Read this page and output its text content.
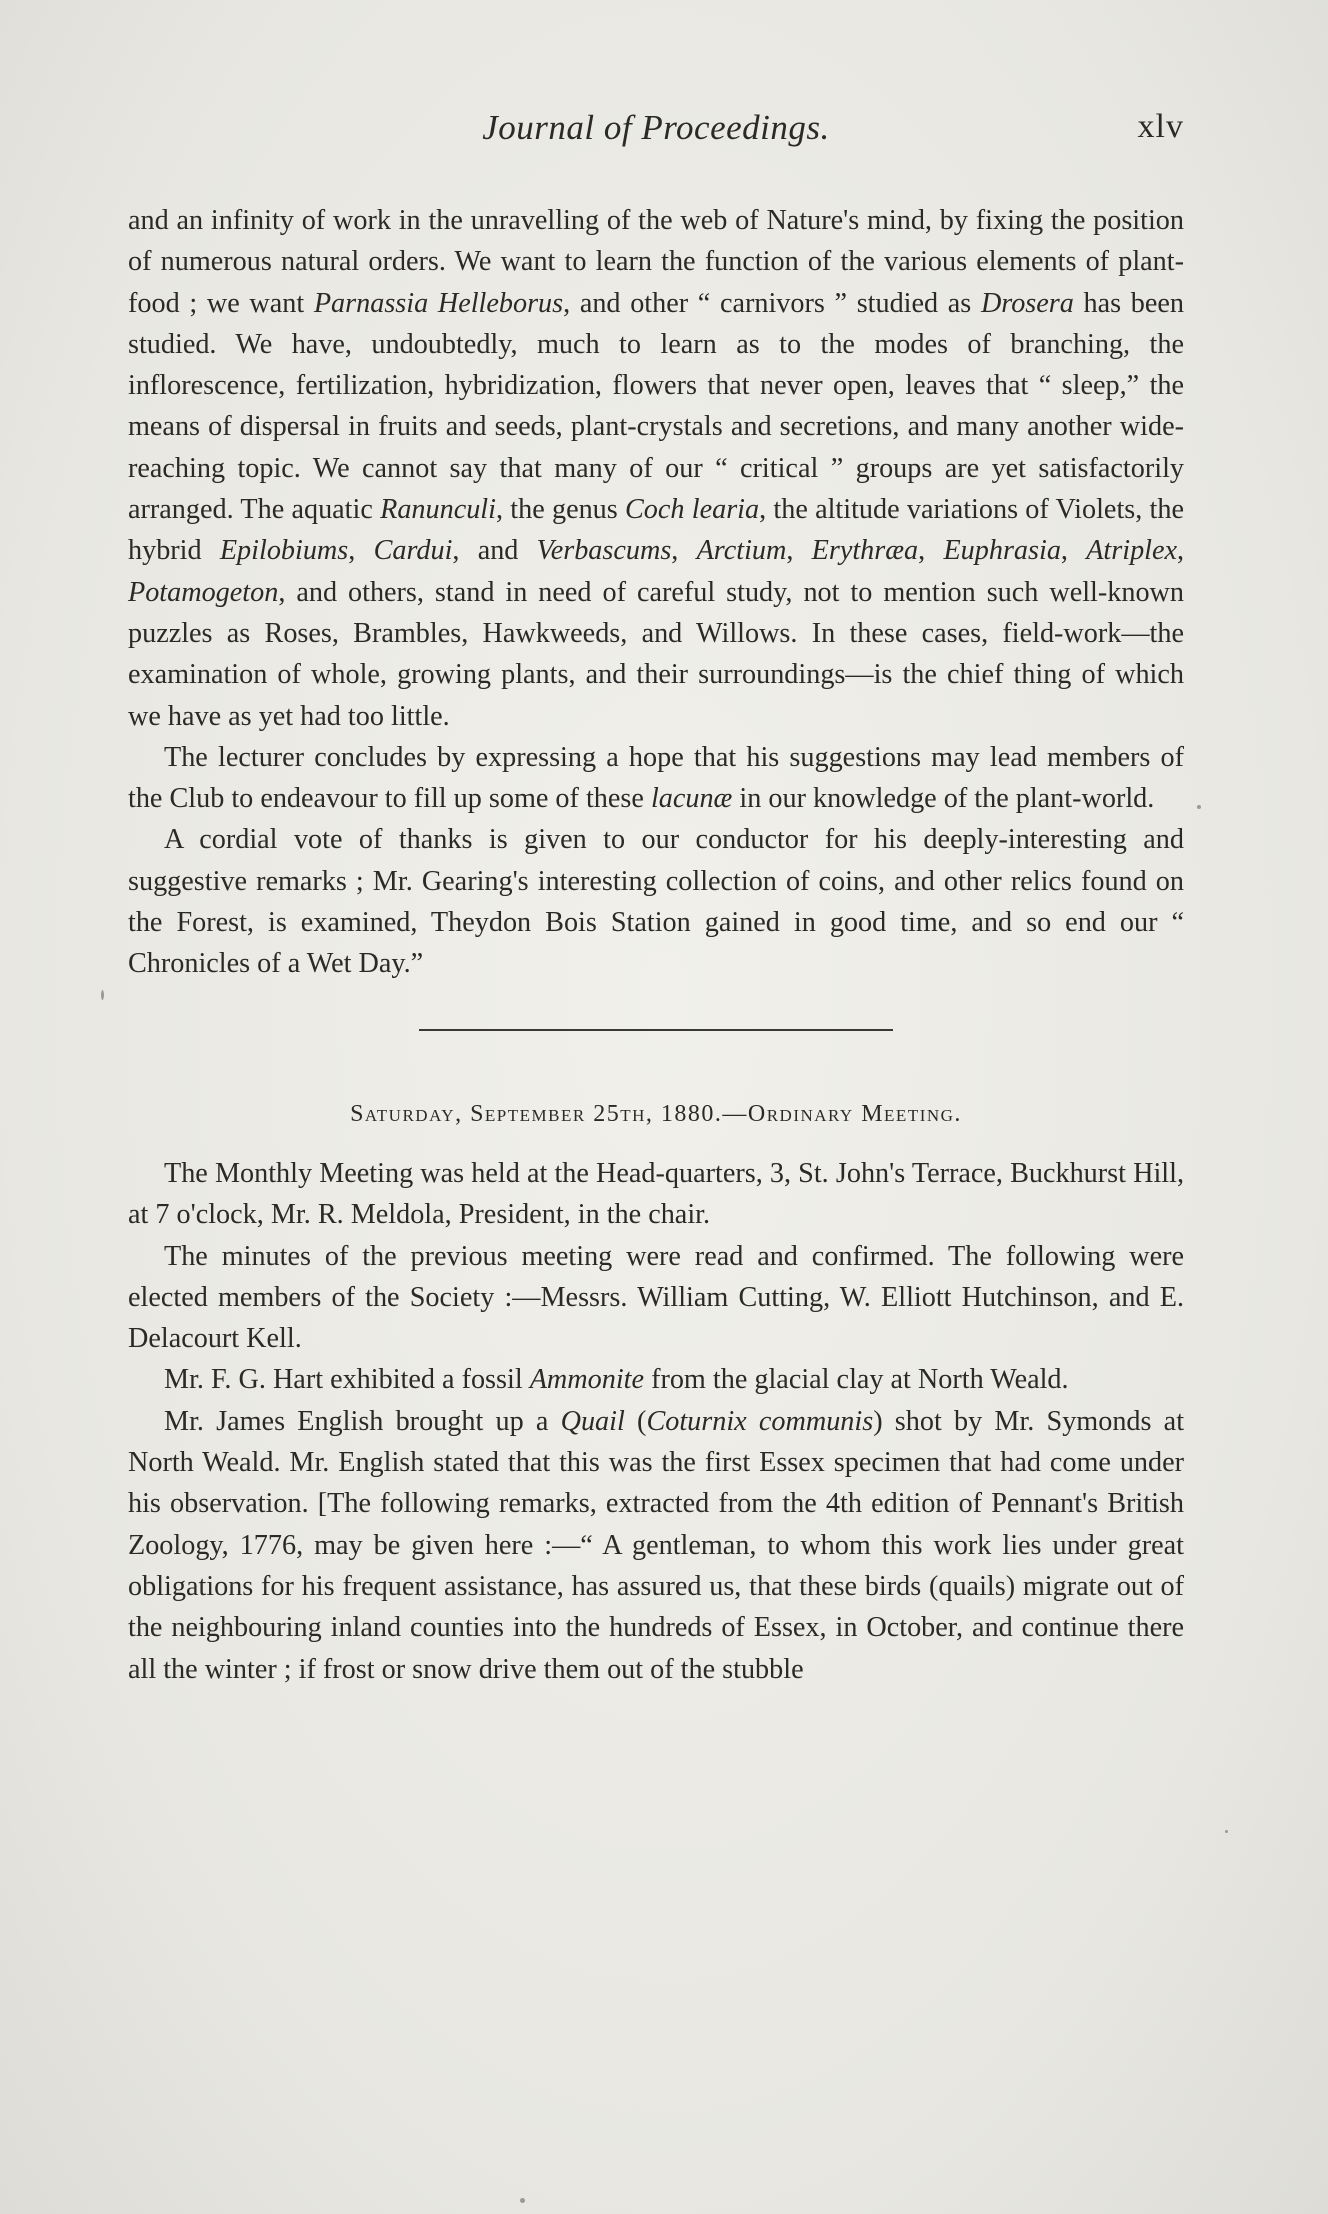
Journal of Proceedings.	xlv

and an infinity of work in the unravelling of the web of Nature's mind, by fixing the position of numerous natural orders. We want to learn the function of the various elements of plant-food ; we want Parnassia Helleborus, and other “ carnivors ” studied as Drosera has been studied. We have, undoubtedly, much to learn as to the modes of branching, the inflorescence, fertilization, hybridization, flowers that never open, leaves that “ sleep,” the means of dispersal in fruits and seeds, plant-crystals and secretions, and many another wide-reaching topic. We cannot say that many of our “ critical ” groups are yet satisfactorily arranged. The aquatic Ranunculi, the genus Coch learia, the altitude variations of Violets, the hybrid Epilobiums, Cardui, and Verbascums, Arctium, Erythræa, Euphrasia, Atriplex, Potamogeton, and others, stand in need of careful study, not to mention such well-known puzzles as Roses, Brambles, Hawkweeds, and Willows. In these cases, field-work—the examination of whole, growing plants, and their surroundings—is the chief thing of which we have as yet had too little.

The lecturer concludes by expressing a hope that his suggestions may lead members of the Club to endeavour to fill up some of these lacunæ in our knowledge of the plant-world.

A cordial vote of thanks is given to our conductor for his deeply-interesting and suggestive remarks ; Mr. Gearing's interesting collection of coins, and other relics found on the Forest, is examined, Theydon Bois Station gained in good time, and so end our “ Chronicles of a Wet Day.”

Saturday, September 25th, 1880.—Ordinary Meeting.

The Monthly Meeting was held at the Head-quarters, 3, St. John's Terrace, Buckhurst Hill, at 7 o'clock, Mr. R. Meldola, President, in the chair.

The minutes of the previous meeting were read and confirmed. The following were elected members of the Society :—Messrs. William Cutting, W. Elliott Hutchinson, and E. Delacourt Kell.

Mr. F. G. Hart exhibited a fossil Ammonite from the glacial clay at North Weald.

Mr. James English brought up a Quail (Coturnix communis) shot by Mr. Symonds at North Weald. Mr. English stated that this was the first Essex specimen that had come under his observation. [The following remarks, extracted from the 4th edition of Pennant's British Zoology, 1776, may be given here :—“ A gentleman, to whom this work lies under great obligations for his frequent assistance, has assured us, that these birds (quails) migrate out of the neighbouring inland counties into the hundreds of Essex, in October, and continue there all the winter ; if frost or snow drive them out of the stubble
